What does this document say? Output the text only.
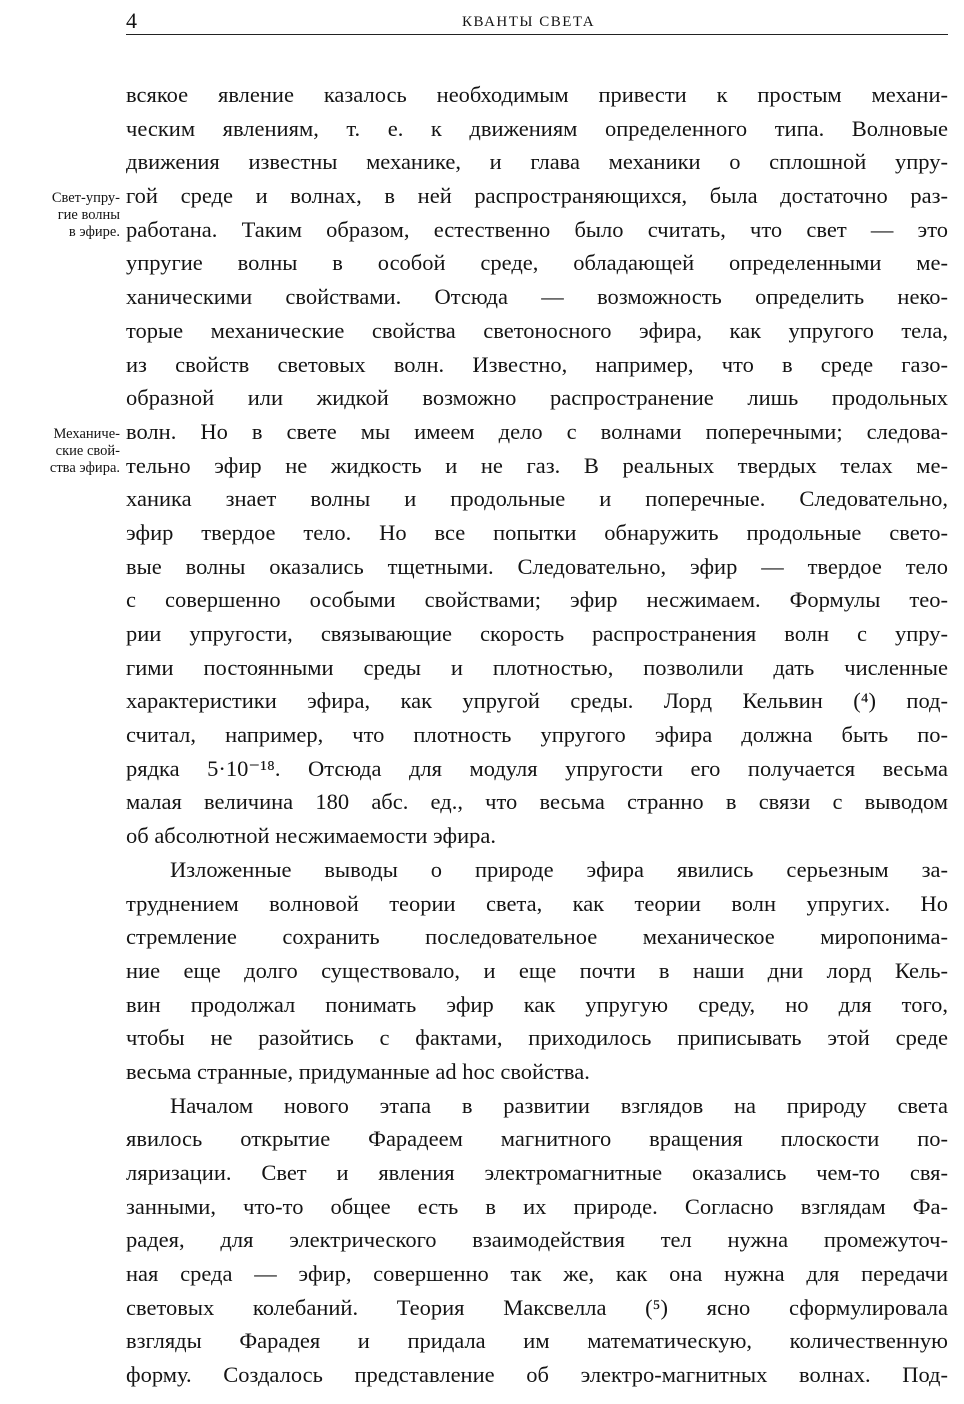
4	КВАНТЫ СВЕТА
Свет-упру-
гие волны
в эфире.
Механиче-
ские свой-
ства эфира.
всякое явление казалось необходимым привести к простым механи-
ческим явлениям, т. е. к движениям определенного типа. Волновые
движения известны механике, и глава механики о сплошной упру-
гой среде и волнах, в ней распространяющихся, была достаточно раз-
работана. Таким образом, естественно было считать, что свет — это
упругие волны в особой среде, обладающей определенными ме-
ханическими свойствами. Отсюда — возможность определить неко-
торые механические свойства светоносного эфира, как упругого тела,
из свойств световых волн. Известно, например, что в среде газо-
образной или жидкой возможно распространение лишь продольных
волн. Но в свете мы имеем дело с волнами поперечными; следова-
тельно эфир не жидкость и не газ. В реальных твердых телах ме-
ханика знает волны и продольные и поперечные. Следовательно,
эфир твердое тело. Но все попытки обнаружить продольные свето-
вые волны оказались тщетными. Следовательно, эфир — твердое тело
с совершенно особыми свойствами; эфир несжимаем. Формулы тео-
рии упругости, связывающие скорость распространения волн с упру-
гими постоянными среды и плотностью, позволили дать численные
характеристики эфира, как упругой среды. Лорд Кельвин (⁴) под-
считал, например, что плотность упругого эфира должна быть по-
рядка 5·10⁻¹⁸. Отсюда для модуля упругости его получается весьма
малая величина 180 абс. ед., что весьма странно в связи с выводом
об абсолютной несжимаемости эфира.
Изложенные выводы о природе эфира явились серьезным за-
труднением волновой теории света, как теории волн упругих. Но
стремление сохранить последовательное механическое миропонима-
ние еще долго существовало, и еще почти в наши дни лорд Кель-
вин продолжал понимать эфир как упругую среду, но для того,
чтобы не разойтись с фактами, приходилось приписывать этой среде
весьма странные, придуманные ad hoc свойства.
Началом нового этапа в развитии взглядов на природу света
явилось открытие Фарадеем магнитного вращения плоскости по-
ляризации. Свет и явления электромагнитные оказались чем-то свя-
занными, что-то общее есть в их природе. Согласно взглядам Фа-
радея, для электрического взаимодействия тел нужна промежуточ-
ная среда — эфир, совершенно так же, как она нужна для передачи
световых колебаний. Теория Максвелла (⁵) ясно сформулировала
взгляды Фарадея и придала им математическую, количественную
форму. Создалось представление об электро-магнитных волнах. Под-
